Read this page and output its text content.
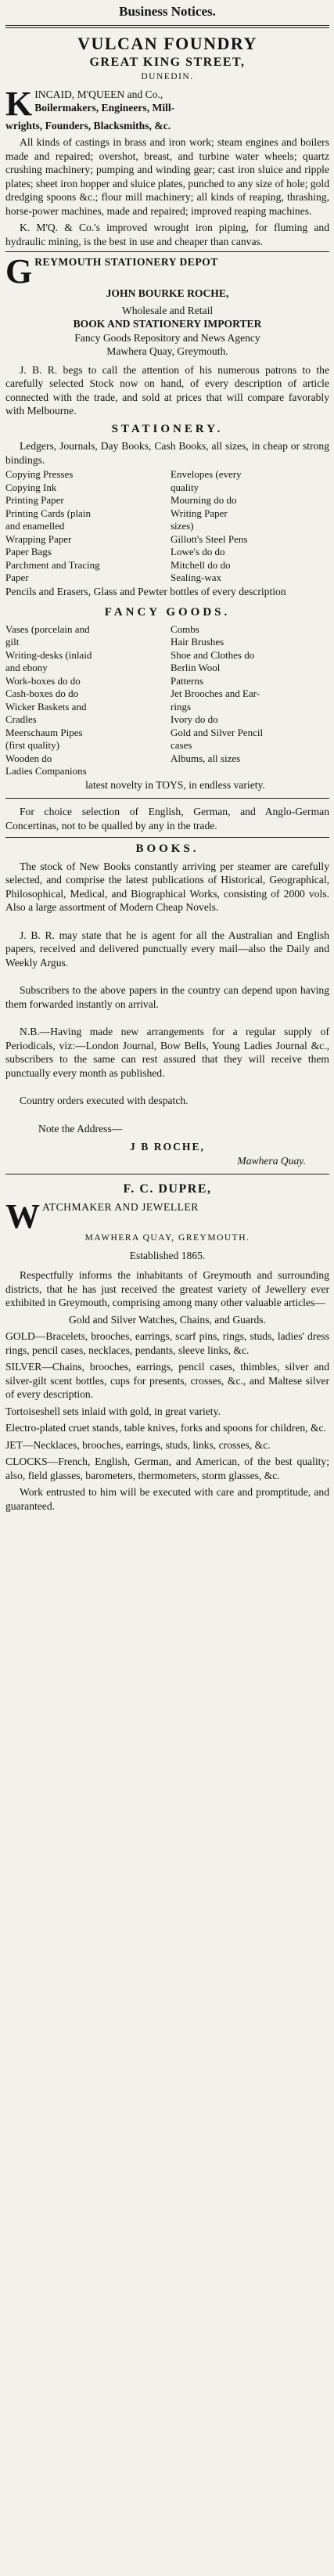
Business Notices.
VULCAN FOUNDRY
GREAT KING STREET,
DUNEDIN.
K INCAID, M'QUEEN and Co.,
Boilermakers, Engineers, Mill-
wrights, Founders, Blacksmiths, &c.

All kinds of castings in brass and iron work; steam engines and boilers made and repaired; overshot, breast, and turbine water wheels; quartz crushing machinery; pumping and winding gear; cast iron sluice and ripple plates; sheet iron hopper and sluice plates, punched to any size of hole; gold dredging spoons &c.; flour mill machinery; all kinds of reaping, thrashing, horse-power machines, made and repaired; improved reaping machines.

K. M'Q. & Co.'s improved wrought iron piping, for fluming and hydraulic mining, is the best in use and cheaper than canvas.

G REYMOUTH STATIONERY DEPOT
JOHN BOURKE ROCHE,
Wholesale and Retail
BOOK AND STATIONERY IMPORTER
Fancy Goods Repository and News Agency
Mawhera Quay, Greymouth.

J. B. R. begs to call the attention of his numerous patrons to the carefully selected Stock now on hand, of every description of article connected with the trade, and sold at prices that will compare favorably with Melbourne.

STATIONERY.

Ledgers, Journals, Day Books, Cash Books, all sizes, in cheap or strong bindings.

Copying Presses	Envelopes (every
Copying Ink	quality
Printing Paper	Mourning do do
Printing Cards (plain	Writing Paper
and enamelled	sizes)
Wrapping Paper	Gillott's Steel Pens
Paper Bags	Lowe's do do
Parchment and Tracing	Mitchell do do
Paper	Sealing-wax
Pencils and Erasers, Glass and Pewter bottles of every description
FANCY GOODS.
Vases (porcelain and	Combs
gilt	Hair Brushes
Writing-desks (inlaid	Shoe and Clothes do
and ebony	Berlin Wool
Work-boxes do do	Patterns
Cash-boxes do do	Jet Brooches and Ear-
Wicker Baskets and	rings
Cradles	Ivory do do
Meerschaum Pipes	Gold and Silver Pencil
(first quality)	cases
Wooden do	Albums, all sizes
Ladies Companions
latest novelty in TOYS, in endless variety.

For choice selection of English, German, and Anglo-German Concertinas, not to be qualled by any in the trade.

BOOKS.

The stock of New Books constantly arriving per steamer are carefully selected, and comprise the latest publications of Historical, Geographical, Philosophical, Medical, and Biographical Works, consisting of 2000 vols. Also a large assortment of Modern Cheap Novels.

J. B. R. may state that he is agent for all the Australian and English papers, received and delivered punctually every mail—also the Daily and Weekly Argus.

Subscribers to the above papers in the country can depend upon having them forwarded instantly on arrival.

N.B.—Having made new arrangements for a regular supply of Periodicals, viz:—London Journal, Bow Bells, Young Ladies Journal &c., subscribers to the same can rest assured that they will receive them punctually every month as published.

Country orders executed with despatch.

Note the Address—

J B ROCHE,
Mawhera Quay.
F. C. DUPRE,
W ATCHMAKER AND JEWELLER
MAWHERA QUAY, GREYMOUTH.
Established 1865.

Respectfully informs the inhabitants of Greymouth and surrounding districts, that he has just received the greatest variety of Jewellery ever exhibited in Greymouth, comprising among many other valuable articles—

Gold and Silver Watches, Chains, and Guards.

GOLD—Bracelets, brooches, earrings, scarf pins, rings, studs, ladies' dress rings, pencil cases, necklaces, pendants, sleeve links, &c.

SILVER—Chains, brooches, earrings, pencil cases, thimbles, silver and silver-gilt scent bottles, cups for presents, crosses, &c., and Maltese silver of every description.

Tortoiseshell sets inlaid with gold, in great variety.

Electro-plated cruet stands, table knives, forks and spoons for children, &c.

JET—Necklaces, brooches, earrings, studs, links, crosses, &c.

CLOCKS—French, English, German, and American, of the best quality; also, field glasses, barometers, thermometers, storm glasses, &c.

Work entrusted to him will be executed with care and promptitude, and guaranteed.
